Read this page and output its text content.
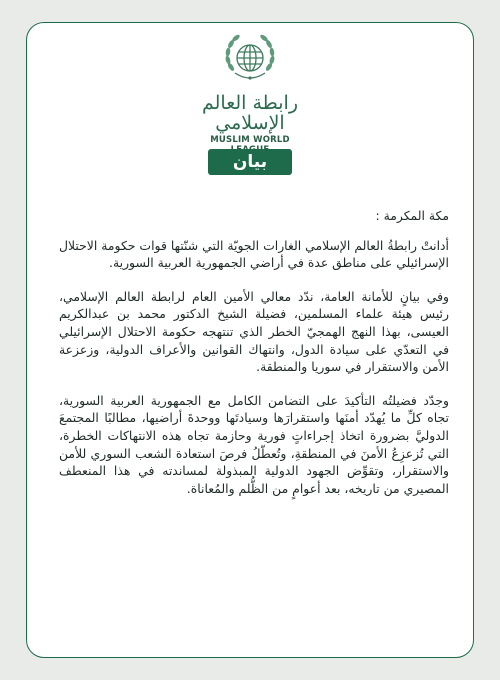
رابطة العالم الإسلامي
MUSLIM WORLD
بيان

مكة المكرمة :

أدانتْ رابطةُ العالم الإسلامي الغارات الجويّة التي شنّتها قوات حكومة الاحتلال الإسرائيلي على مناطق عدة في أراضي الجمهورية العربية السورية.

وفي بيانٍ للأمانة العامة، ندّد معالي الأمين العام لرابطة العالم الإسلامي، رئيس هيئة علماء المسلمين، فضيلة الشيخ الدكتور محمد بن عبدالكريم العيسى، بهذا النهج الهمجيّ الخطر الذي تنتهجه حكومة الاحتلال الإسرائيلي في التعدّي على سيادة الدول، وانتهاك القوانين والأعراف الدولية، وزعزعة الأمن والاستقرار في سوريا والمنطقة.

وجدّد فضيلتُه التأكيدَ على التضامن الكامل مع الجمهورية العربية السورية، تجاه كلِّ ما يُهدّد أمنَها واستقرارَها وسيادتَها ووحدةَ أراضيها، مطالبًا المجتمعَ الدوليَّ بضرورة اتخاذ إجراءاتٍ فورية وحازمة تجاه هذه الانتهاكات الخطرة، التي تُزعزِعُ الأمنَ في المنطقةِ، وتُعطّلُ فرصَ استعادة الشعب السوري للأمن والاستقرار، وتقوِّض الجهود الدولية المبذولة لمساندته في هذا المنعطف المصيري من تاريخه، بعد أعوامٍ من الظُّلم والمُعاناة.
